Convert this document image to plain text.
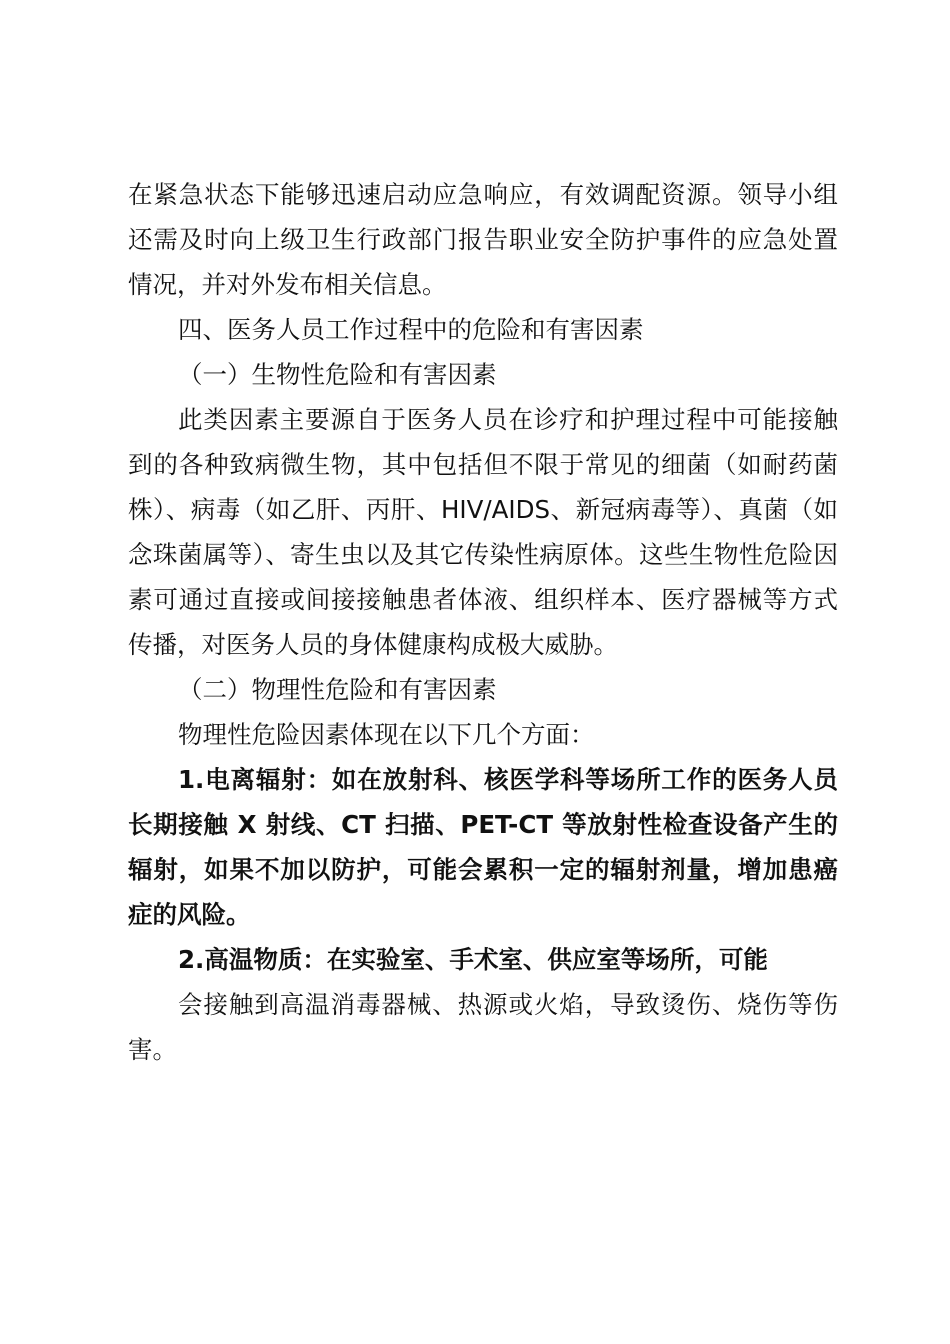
在紧急状态下能够迅速启动应急响应，有效调配资源。领导小组还需及时向上级卫生行政部门报告职业安全防护事件的应急处置情况，并对外发布相关信息。

四、医务人员工作过程中的危险和有害因素

（一）生物性危险和有害因素

此类因素主要源自于医务人员在诊疗和护理过程中可能接触到的各种致病微生物，其中包括但不限于常见的细菌（如耐药菌株）、病毒（如乙肝、丙肝、HIV/AIDS、新冠病毒等）、真菌（如念珠菌属等）、寄生虫以及其它传染性病原体。这些生物性危险因素可通过直接或间接接触患者体液、组织样本、医疗器械等方式传播，对医务人员的身体健康构成极大威胁。

（二）物理性危险和有害因素

物理性危险因素体现在以下几个方面：

1.电离辐射：如在放射科、核医学科等场所工作的医务人员长期接触 X 射线、CT 扫描、PET-CT 等放射性检查设备产生的辐射，如果不加以防护，可能会累积一定的辐射剂量，增加患癌症的风险。

2.高温物质：在实验室、手术室、供应室等场所，可能

会接触到高温消毒器械、热源或火焰，导致烫伤、烧伤等伤害。
